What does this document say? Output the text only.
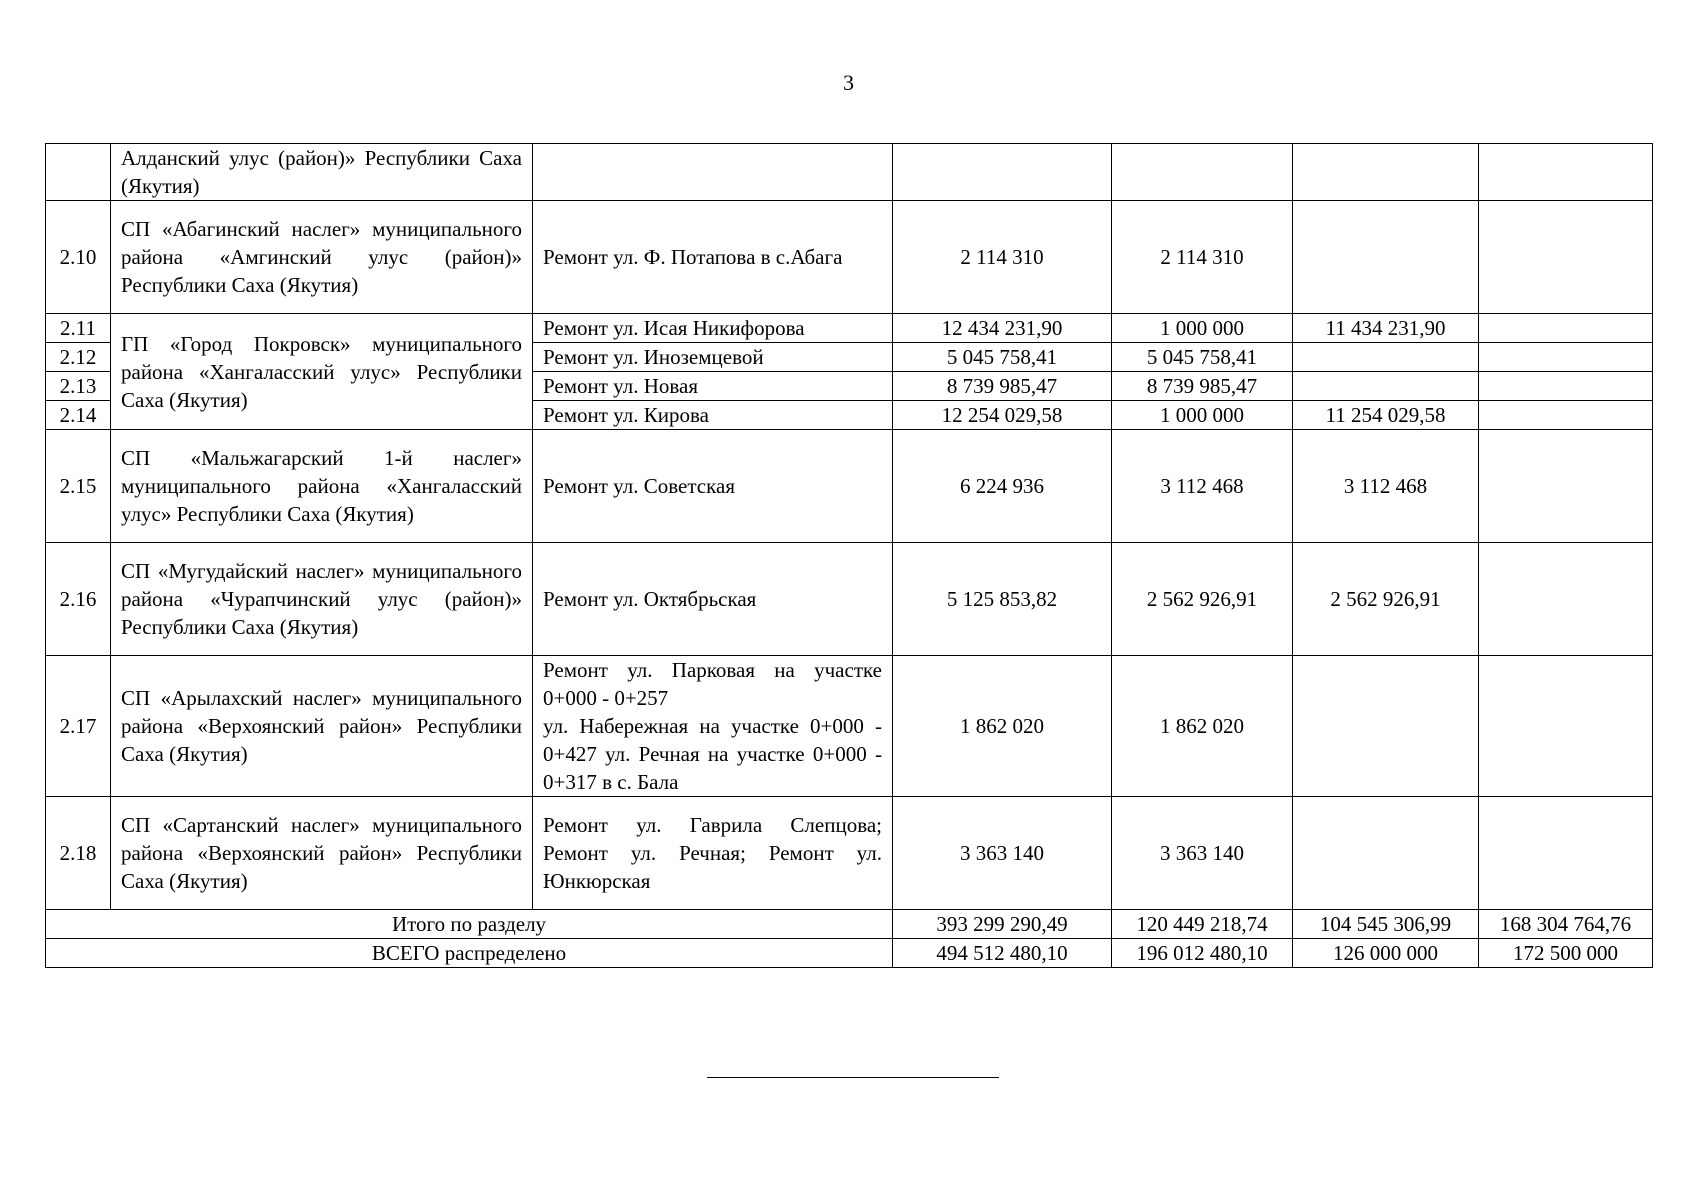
3
	Алданский улус (район)» Республики Саха (Якутия)					
2.10	СП «Абагинский наслег» муниципального района «Амгинский улус (район)» Республики Саха (Якутия)	Ремонт ул. Ф. Потапова в с.Абага	2 114 310	2 114 310		
2.11	ГП «Город Покровск» муниципального района «Хангаласский улус» Республики Саха (Якутия)	Ремонт ул. Исая Никифорова	12 434 231,90	1 000 000	11 434 231,90	
2.12		Ремонт ул. Иноземцевой	5 045 758,41	5 045 758,41		
2.13		Ремонт ул. Новая	8 739 985,47	8 739 985,47		
2.14		Ремонт ул. Кирова	12 254 029,58	1 000 000	11 254 029,58	
2.15	СП «Мальжагарский 1-й наслег» муниципального района «Хангаласский улус» Республики Саха (Якутия)	Ремонт ул. Советская	6 224 936	3 112 468	3 112 468	
2.16	СП «Мугудайский наслег» муниципального района «Чурапчинский улус (район)» Республики Саха (Якутия)	Ремонт ул. Октябрьская	5 125 853,82	2 562 926,91	2 562 926,91	
2.17	СП «Арылахский наслег» муниципального района «Верхоянский район» Республики Саха (Якутия)	Ремонт ул. Парковая на участке 0+000 - 0+257
ул. Набережная на участке 0+000 - 0+427 ул. Речная на участке 0+000 - 0+317 в с. Бала	1 862 020	1 862 020		
2.18	СП «Сартанский наслег» муниципального района «Верхоянский район» Республики Саха (Якутия)	Ремонт ул. Гаврила Слепцова; Ремонт ул. Речная; Ремонт ул. Юнкюрская	3 363 140	3 363 140		
Итого по разделу			393 299 290,49	120 449 218,74	104 545 306,99	168 304 764,76
ВСЕГО распределено			494 512 480,10	196 012 480,10	126 000 000	172 500 000
